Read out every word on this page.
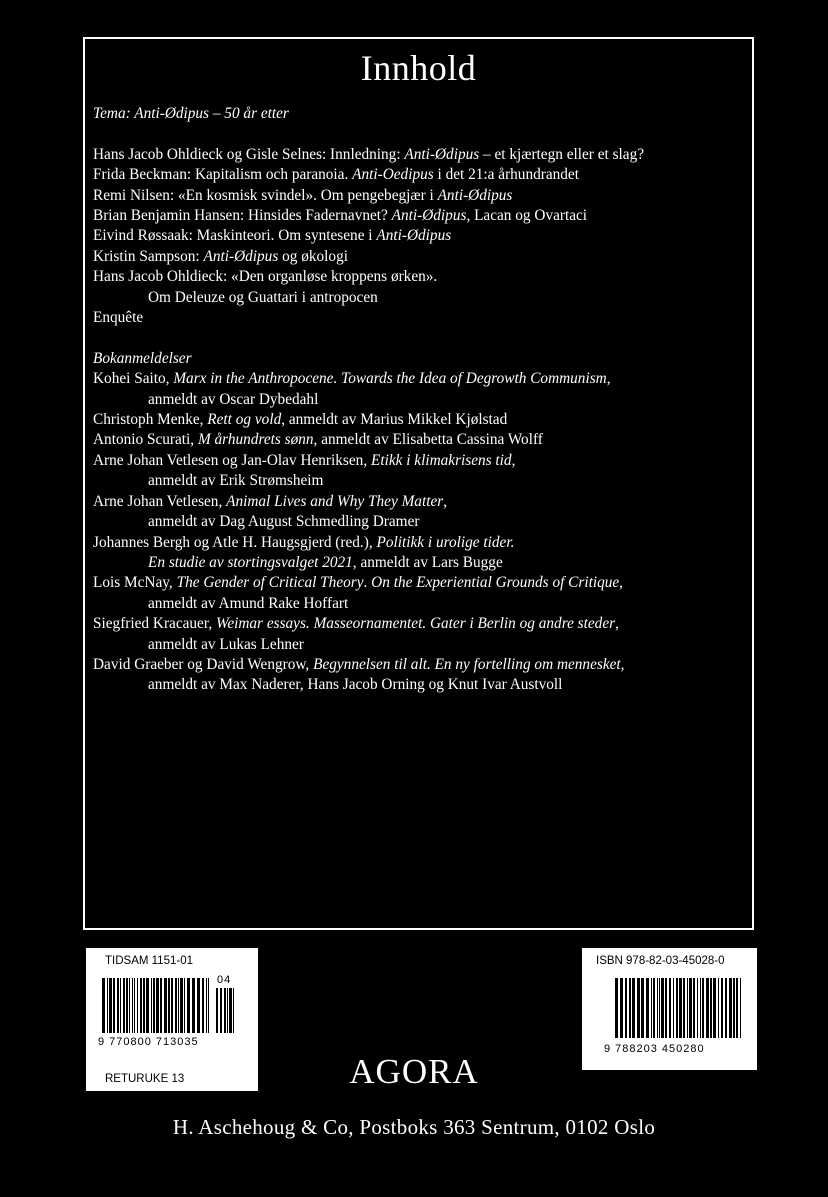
Innhold
Tema: Anti-Ødipus – 50 år etter
Hans Jacob Ohldieck og Gisle Selnes: Innledning: Anti-Ødipus – et kjærtegn eller et slag?
Frida Beckman: Kapitalism och paranoia. Anti-Oedipus i det 21:a århundrandet
Remi Nilsen: «En kosmisk svindel». Om pengebegjær i Anti-Ødipus
Brian Benjamin Hansen: Hinsides Fadernavnet? Anti-Ødipus, Lacan og Ovartaci
Eivind Røssaak: Maskinteori. Om syntesene i Anti-Ødipus
Kristin Sampson: Anti-Ødipus og økologi
Hans Jacob Ohldieck: «Den organløse kroppens ørken».
Om Deleuze og Guattari i antropocen
Enquête
Bokanmeldelser
Kohei Saito, Marx in the Anthropocene. Towards the Idea of Degrowth Communism,
anmeldt av Oscar Dybedahl
Christoph Menke, Rett og vold, anmeldt av Marius Mikkel Kjølstad
Antonio Scurati, M århundrets sønn, anmeldt av Elisabetta Cassina Wolff
Arne Johan Vetlesen og Jan-Olav Henriksen, Etikk i klimakrisens tid,
anmeldt av Erik Strømsheim
Arne Johan Vetlesen, Animal Lives and Why They Matter,
anmeldt av Dag August Schmedling Dramer
Johannes Bergh og Atle H. Haugsgjerd (red.), Politikk i urolige tider.
En studie av stortingsvalget 2021, anmeldt av Lars Bugge
Lois McNay, The Gender of Critical Theory. On the Experiential Grounds of Critique,
anmeldt av Amund Rake Hoffart
Siegfried Kracauer, Weimar essays. Masseornamentet. Gater i Berlin og andre steder,
anmeldt av Lukas Lehner
David Graeber og David Wengrow, Begynnelsen til alt. En ny fortelling om mennesket,
anmeldt av Max Naderer, Hans Jacob Orning og Knut Ivar Austvoll
TIDSAM 1151-01
04
9 770800 713035
RETURUKE 13
ISBN 978-82-03-45028-0
9 788203 450280
AGORA
H. Aschehoug & Co, Postboks 363 Sentrum, 0102 Oslo
